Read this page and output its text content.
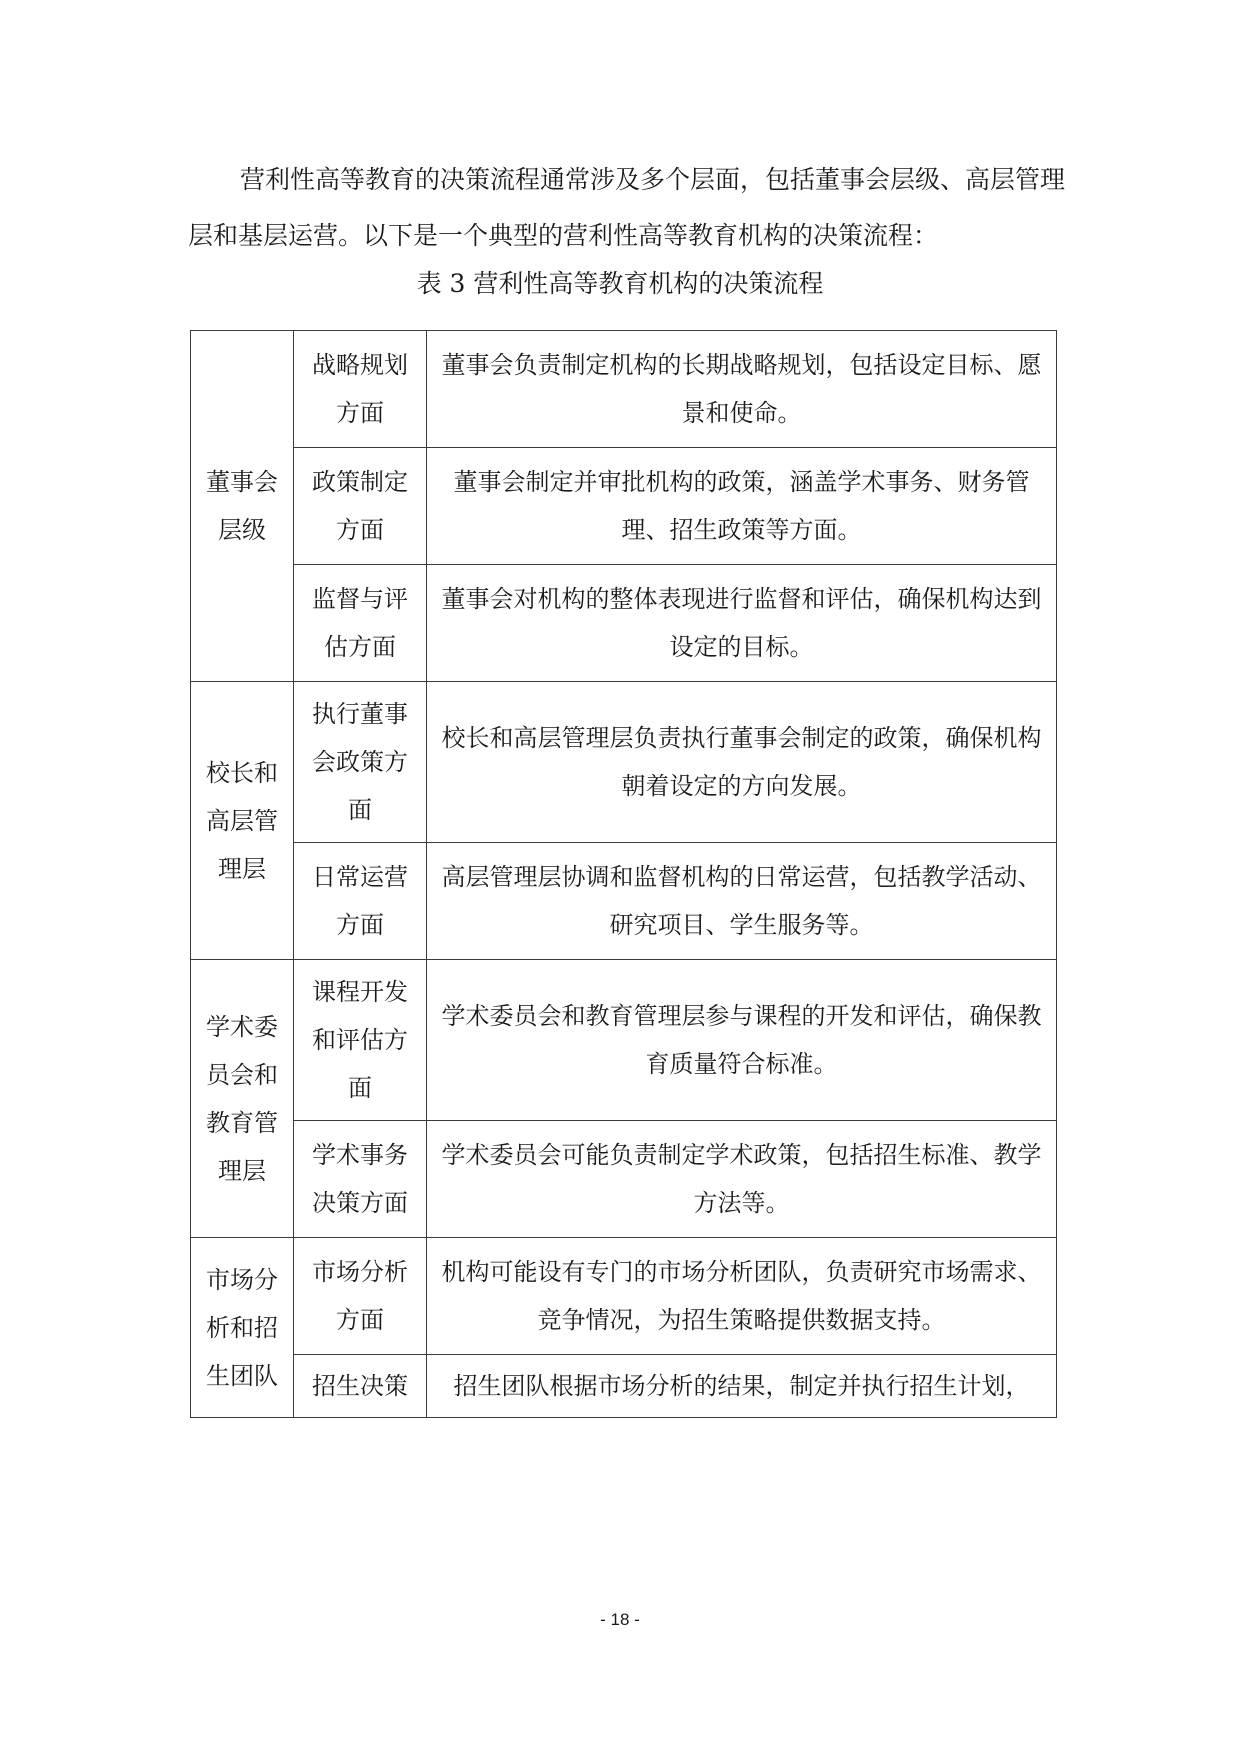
营利性高等教育的决策流程通常涉及多个层面，包括董事会层级、高层管理层和基层运营。以下是一个典型的营利性高等教育机构的决策流程：

表 3 营利性高等教育机构的决策流程

董事会层级	战略规划方面	董事会负责制定机构的长期战略规划，包括设定目标、愿景和使命。
	政策制定方面	董事会制定并审批机构的政策，涵盖学术事务、财务管理、招生政策等方面。
	监督与评估方面	董事会对机构的整体表现进行监督和评估，确保机构达到设定的目标。
校长和高层管理层	执行董事会政策方面	校长和高层管理层负责执行董事会制定的政策，确保机构朝着设定的方向发展。
	日常运营方面	高层管理层协调和监督机构的日常运营，包括教学活动、研究项目、学生服务等。
学术委员会和教育管理层	课程开发和评估方面	学术委员会和教育管理层参与课程的开发和评估，确保教育质量符合标准。
	学术事务决策方面	学术委员会可能负责制定学术政策，包括招生标准、教学方法等。
市场分析和招生团队	市场分析方面	机构可能设有专门的市场分析团队，负责研究市场需求、竞争情况，为招生策略提供数据支持。
	招生决策	招生团队根据市场分析的结果，制定并执行招生计划，

- 18 -
